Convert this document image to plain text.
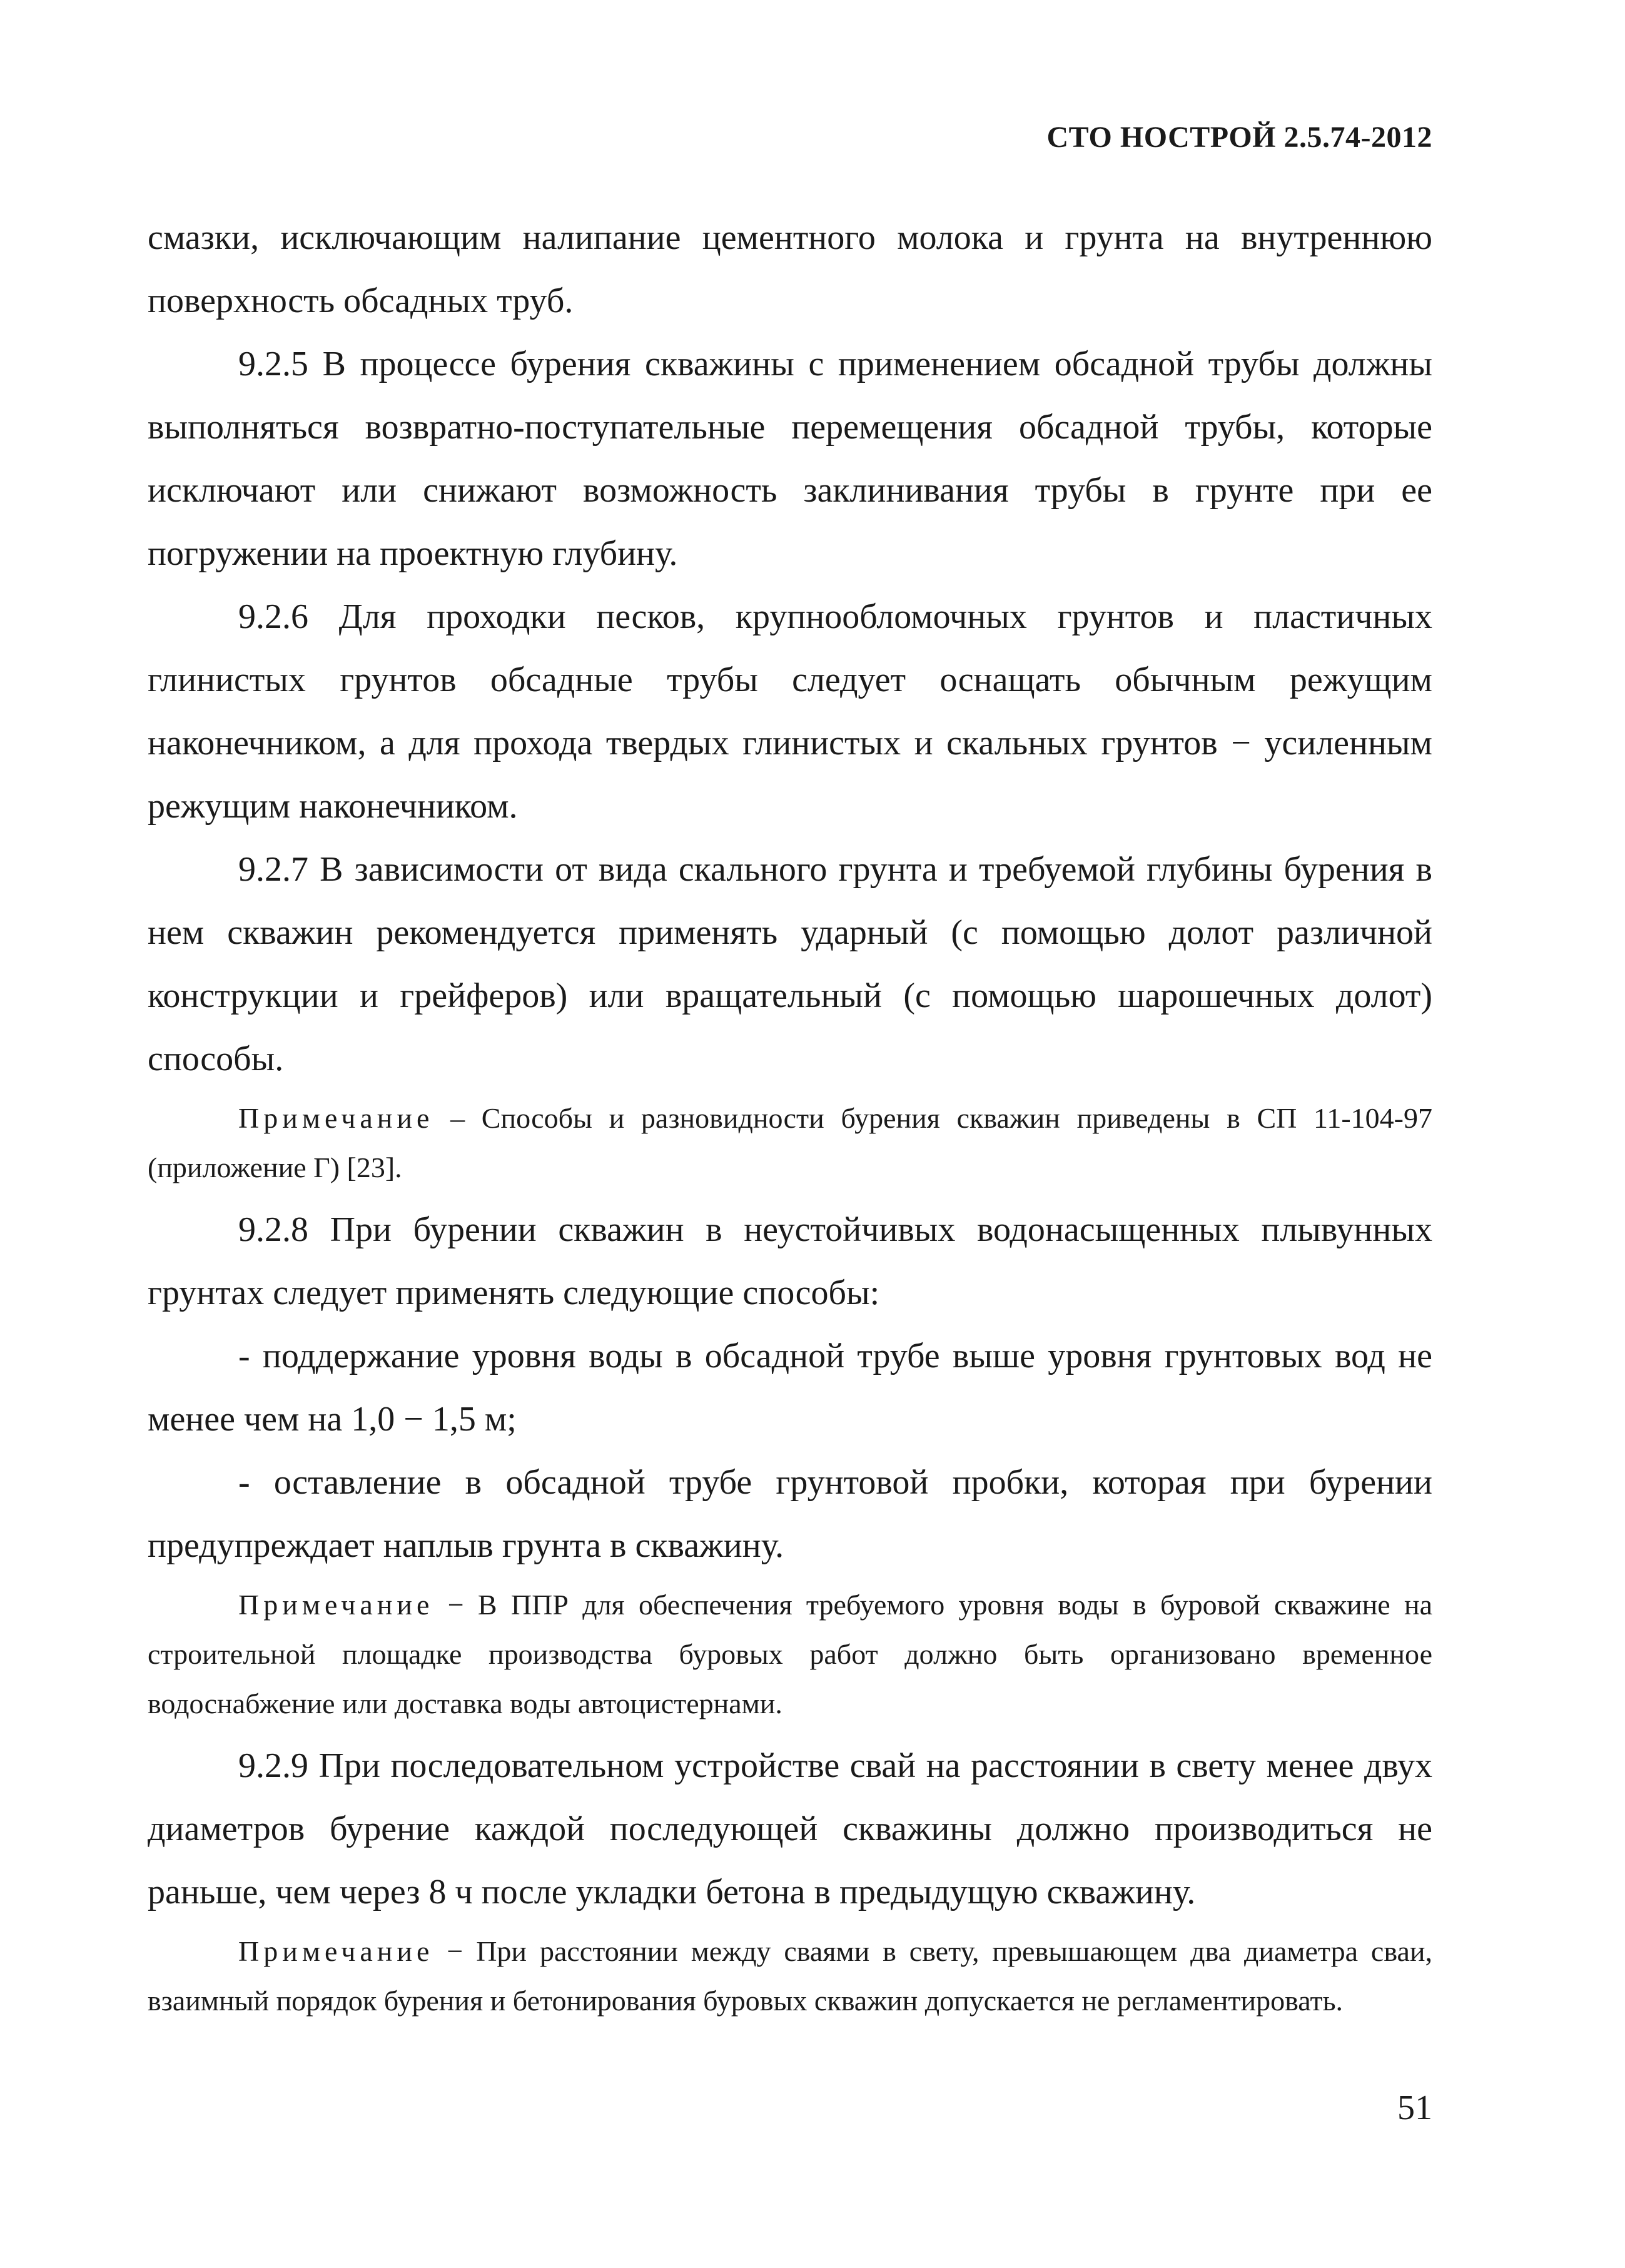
СТО НОСТРОЙ 2.5.74-2012

смазки, исключающим налипание цементного молока и грунта на внутреннюю поверхность обсадных труб.

9.2.5 В процессе бурения скважины с применением обсадной трубы должны выполняться возвратно-поступательные перемещения обсадной трубы, которые исключают или снижают возможность заклинивания трубы в грунте при ее погружении на проектную глубину.

9.2.6 Для проходки песков, крупнообломочных грунтов и пластичных глинистых грунтов обсадные трубы следует оснащать обычным режущим наконечником, а для прохода твердых глинистых и скальных грунтов − усиленным режущим наконечником.

9.2.7 В зависимости от вида скального грунта и требуемой глубины бурения в нем скважин рекомендуется применять ударный (с помощью долот различной конструкции и грейферов) или вращательный (с помощью шарошечных долот) способы.

Примечание – Способы и разновидности бурения скважин приведены в СП 11-104-97 (приложение Г) [23].

9.2.8 При бурении скважин в неустойчивых водонасыщенных плывунных грунтах следует применять следующие способы:

- поддержание уровня воды в обсадной трубе выше уровня грунтовых вод не менее чем на 1,0 − 1,5 м;

- оставление в обсадной трубе грунтовой пробки, которая при бурении предупреждает наплыв грунта в скважину.

Примечание − В ППР для обеспечения требуемого уровня воды в буровой скважине на строительной площадке производства буровых работ должно быть организовано временное водоснабжение или доставка воды автоцистернами.

9.2.9 При последовательном устройстве свай на расстоянии в свету менее двух диаметров бурение каждой последующей скважины должно производиться не раньше, чем через 8 ч после укладки бетона в предыдущую скважину.

Примечание − При расстоянии между сваями в свету, превышающем два диаметра сваи, взаимный порядок бурения и бетонирования буровых скважин допускается не регламентировать.

51
